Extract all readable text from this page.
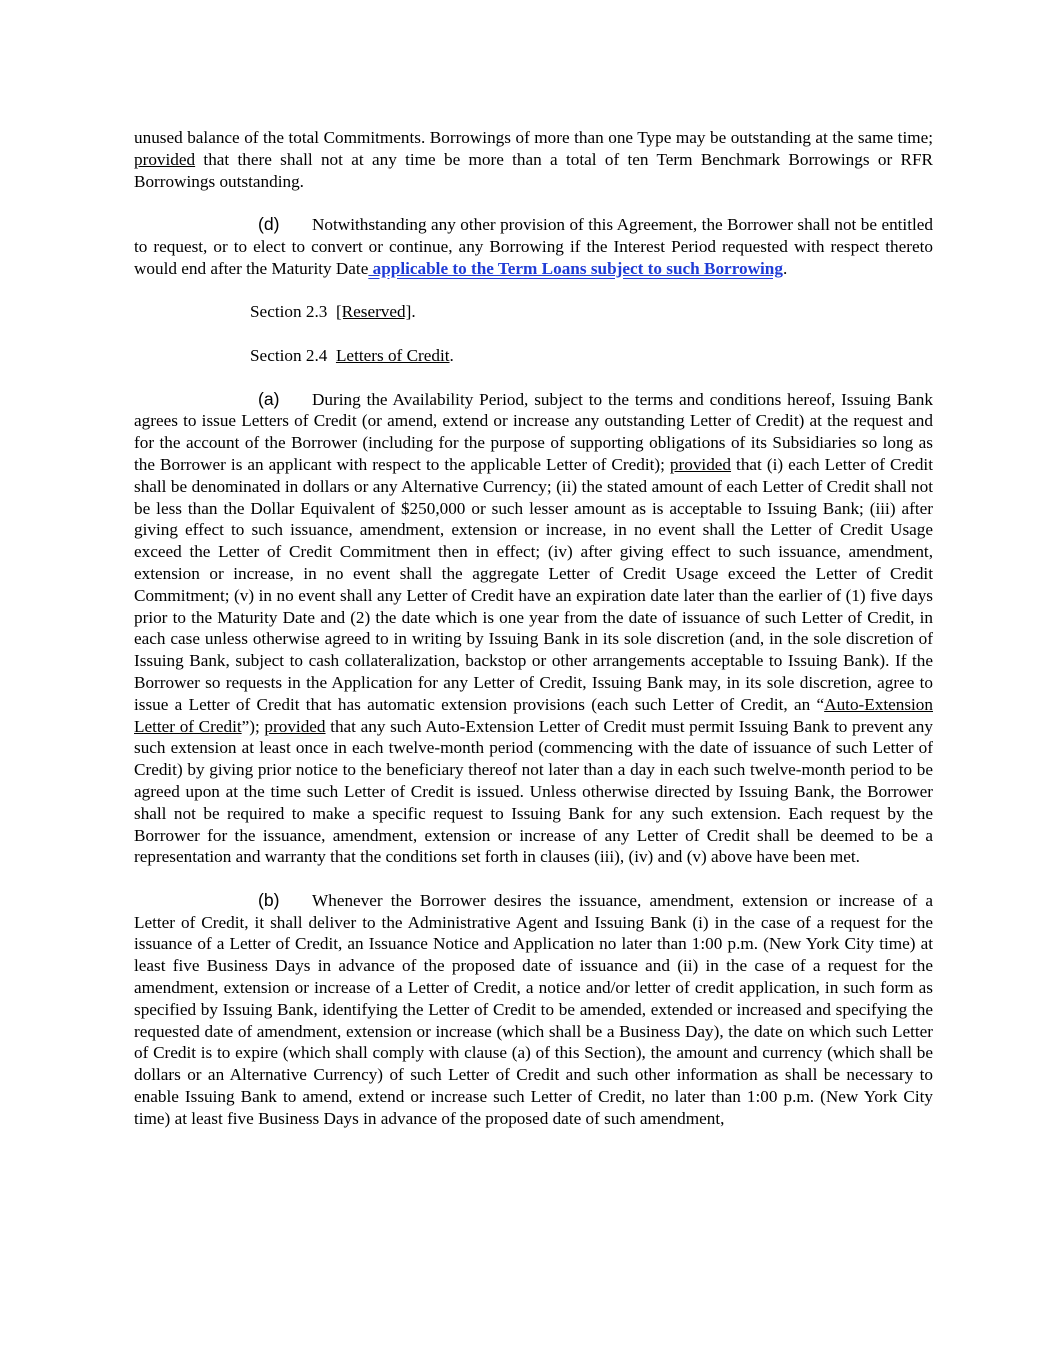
unused balance of the total Commitments. Borrowings of more than one Type may be outstanding at the same time; provided that there shall not at any time be more than a total of ten Term Benchmark Borrowings or RFR Borrowings outstanding.

(d) Notwithstanding any other provision of this Agreement, the Borrower shall not be entitled to request, or to elect to convert or continue, any Borrowing if the Interest Period requested with respect thereto would end after the Maturity Date applicable to the Term Loans subject to such Borrowing.

Section 2.3  [Reserved].

Section 2.4  Letters of Credit.

(a) During the Availability Period, subject to the terms and conditions hereof, Issuing Bank agrees to issue Letters of Credit (or amend, extend or increase any outstanding Letter of Credit) at the request and for the account of the Borrower (including for the purpose of supporting obligations of its Subsidiaries so long as the Borrower is an applicant with respect to the applicable Letter of Credit); provided that (i) each Letter of Credit shall be denominated in dollars or any Alternative Currency; (ii) the stated amount of each Letter of Credit shall not be less than the Dollar Equivalent of $250,000 or such lesser amount as is acceptable to Issuing Bank; (iii) after giving effect to such issuance, amendment, extension or increase, in no event shall the Letter of Credit Usage exceed the Letter of Credit Commitment then in effect; (iv) after giving effect to such issuance, amendment, extension or increase, in no event shall the aggregate Letter of Credit Usage exceed the Letter of Credit Commitment; (v) in no event shall any Letter of Credit have an expiration date later than the earlier of (1) five days prior to the Maturity Date and (2) the date which is one year from the date of issuance of such Letter of Credit, in each case unless otherwise agreed to in writing by Issuing Bank in its sole discretion (and, in the sole discretion of Issuing Bank, subject to cash collateralization, backstop or other arrangements acceptable to Issuing Bank). If the Borrower so requests in the Application for any Letter of Credit, Issuing Bank may, in its sole discretion, agree to issue a Letter of Credit that has automatic extension provisions (each such Letter of Credit, an “Auto-Extension Letter of Credit”); provided that any such Auto-Extension Letter of Credit must permit Issuing Bank to prevent any such extension at least once in each twelve-month period (commencing with the date of issuance of such Letter of Credit) by giving prior notice to the beneficiary thereof not later than a day in each such twelve-month period to be agreed upon at the time such Letter of Credit is issued. Unless otherwise directed by Issuing Bank, the Borrower shall not be required to make a specific request to Issuing Bank for any such extension. Each request by the Borrower for the issuance, amendment, extension or increase of any Letter of Credit shall be deemed to be a representation and warranty that the conditions set forth in clauses (iii), (iv) and (v) above have been met.

(b) Whenever the Borrower desires the issuance, amendment, extension or increase of a Letter of Credit, it shall deliver to the Administrative Agent and Issuing Bank (i) in the case of a request for the issuance of a Letter of Credit, an Issuance Notice and Application no later than 1:00 p.m. (New York City time) at least five Business Days in advance of the proposed date of issuance and (ii) in the case of a request for the amendment, extension or increase of a Letter of Credit, a notice and/or letter of credit application, in such form as specified by Issuing Bank, identifying the Letter of Credit to be amended, extended or increased and specifying the requested date of amendment, extension or increase (which shall be a Business Day), the date on which such Letter of Credit is to expire (which shall comply with clause (a) of this Section), the amount and currency (which shall be dollars or an Alternative Currency) of such Letter of Credit and such other information as shall be necessary to enable Issuing Bank to amend, extend or increase such Letter of Credit, no later than 1:00 p.m. (New York City time) at least five Business Days in advance of the proposed date of such amendment,
